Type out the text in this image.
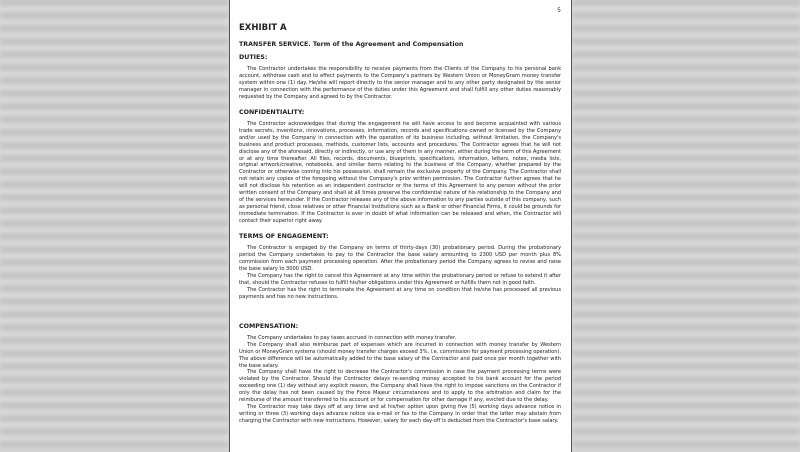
5
EXHIBIT A
TRANSFER SERVICE. Term of the Agreement and Compensation
DUTIES:

The Contractor undertakes the responsibility to receive payments from the Clients of the Company to his personal bank account, withdraw cash and to effect payments to the Company's partners by Western Union or MoneyGram money transfer system within one (1) day. He/she will report directly to the senior manager and to any other party designated by the senior manager in connection with the performance of the duties under this Agreement and shall fulfill any other duties reasonably requested by the Company and agreed to by the Contractor.

CONFIDENTIALITY:

The Contractor acknowledges that during the engagement he will have access to and become acquainted with various trade secrets, inventions, innovations, processes, information, records and specifications owned or licensed by the Company and/or used by the Company in connection with the operation of its business including, without limitation, the Company's business and product processes, methods, customer lists, accounts and procedures. The Contractor agrees that he will not disclose any of the aforesaid, directly or indirectly, or use any of them in any manner, either during the term of this Agreement or at any time thereafter. All files, records, documents, blueprints, specifications, information, letters, notes, media lists, original artwork/creative, notebooks, and similar items relating to the business of the Company, whether prepared by the Contractor or otherwise coming into his possession, shall remain the exclusive property of the Company. The Contractor shall not retain any copies of the foregoing without the Company's prior written permission. The Contractor further agrees that he will not disclose his retention as an independent contractor or the terms of this Agreement to any person without the prior written consent of the Company and shall at all times preserve the confidential nature of his relationship to the Company and of the services hereunder. If the Contractor releases any of the above information to any parties outside of this company, such as personal friend, close relatives or other Financial Institutions such as a Bank or other Financial Firms, it could be grounds for immediate termination. If the Contractor is ever in doubt of what information can be released and when, the Contractor will contact their superior right away.

TERMS OF ENGAGEMENT:

The Contractor is engaged by the Company on terms of thirty-days (30) probationary period. During the probationary period the Company undertakes to pay to the Contractor the base salary amounting to 2300 USD per month plus 8% commission from each payment processing operation. After the probationary period the Company agrees to revise and raise the base salary to 3000 USD.

The Company has the right to cancel this Agreement at any time within the probationary period or refuse to extend it after that, should the Contractor refuses to fulfill his/her obligations under this Agreement or fulfills them not in good faith.

The Contractor has the right to terminate the Agreement at any time on condition that he/she has processed all previous payments and has no new instructions.

COMPENSATION:

The Company undertakes to pay taxes accrued in connection with money transfer.

The Company shall also reimburse part of expenses which are incurred in connection with money transfer by Western Union or MoneyGram systems (should money transfer charges exceed 3%, i.e. commission for payment processing operation). The above difference will be automatically added to the base salary of the Contractor and paid once per month together with the base salary.

The Company shall have the right to decrease the Contractor's commission in case the payment processing terms were violated by the Contractor. Should the Contractor delays re-sending money accepted to his bank account for the period exceeding one (1) day without any explicit reason, the Company shall have the right to impose sanctions on the Contractor if only the delay has not been caused by the Force Majeur circumstances and to apply to the arbitration and claim for the reimburse of the amount transferred to his account or for compensation for other damage if any, evicted due to the delay.

The Contractor may take days off at any time and at his/her option upon giving five (5) working days advance notice in writing or three (3) working days advance notice via e-mail or fax to the Company in order that the latter may abstain from charging the Contractor with new instructions. However, salary for each day-off is deducted from the Contractor's base salary.
